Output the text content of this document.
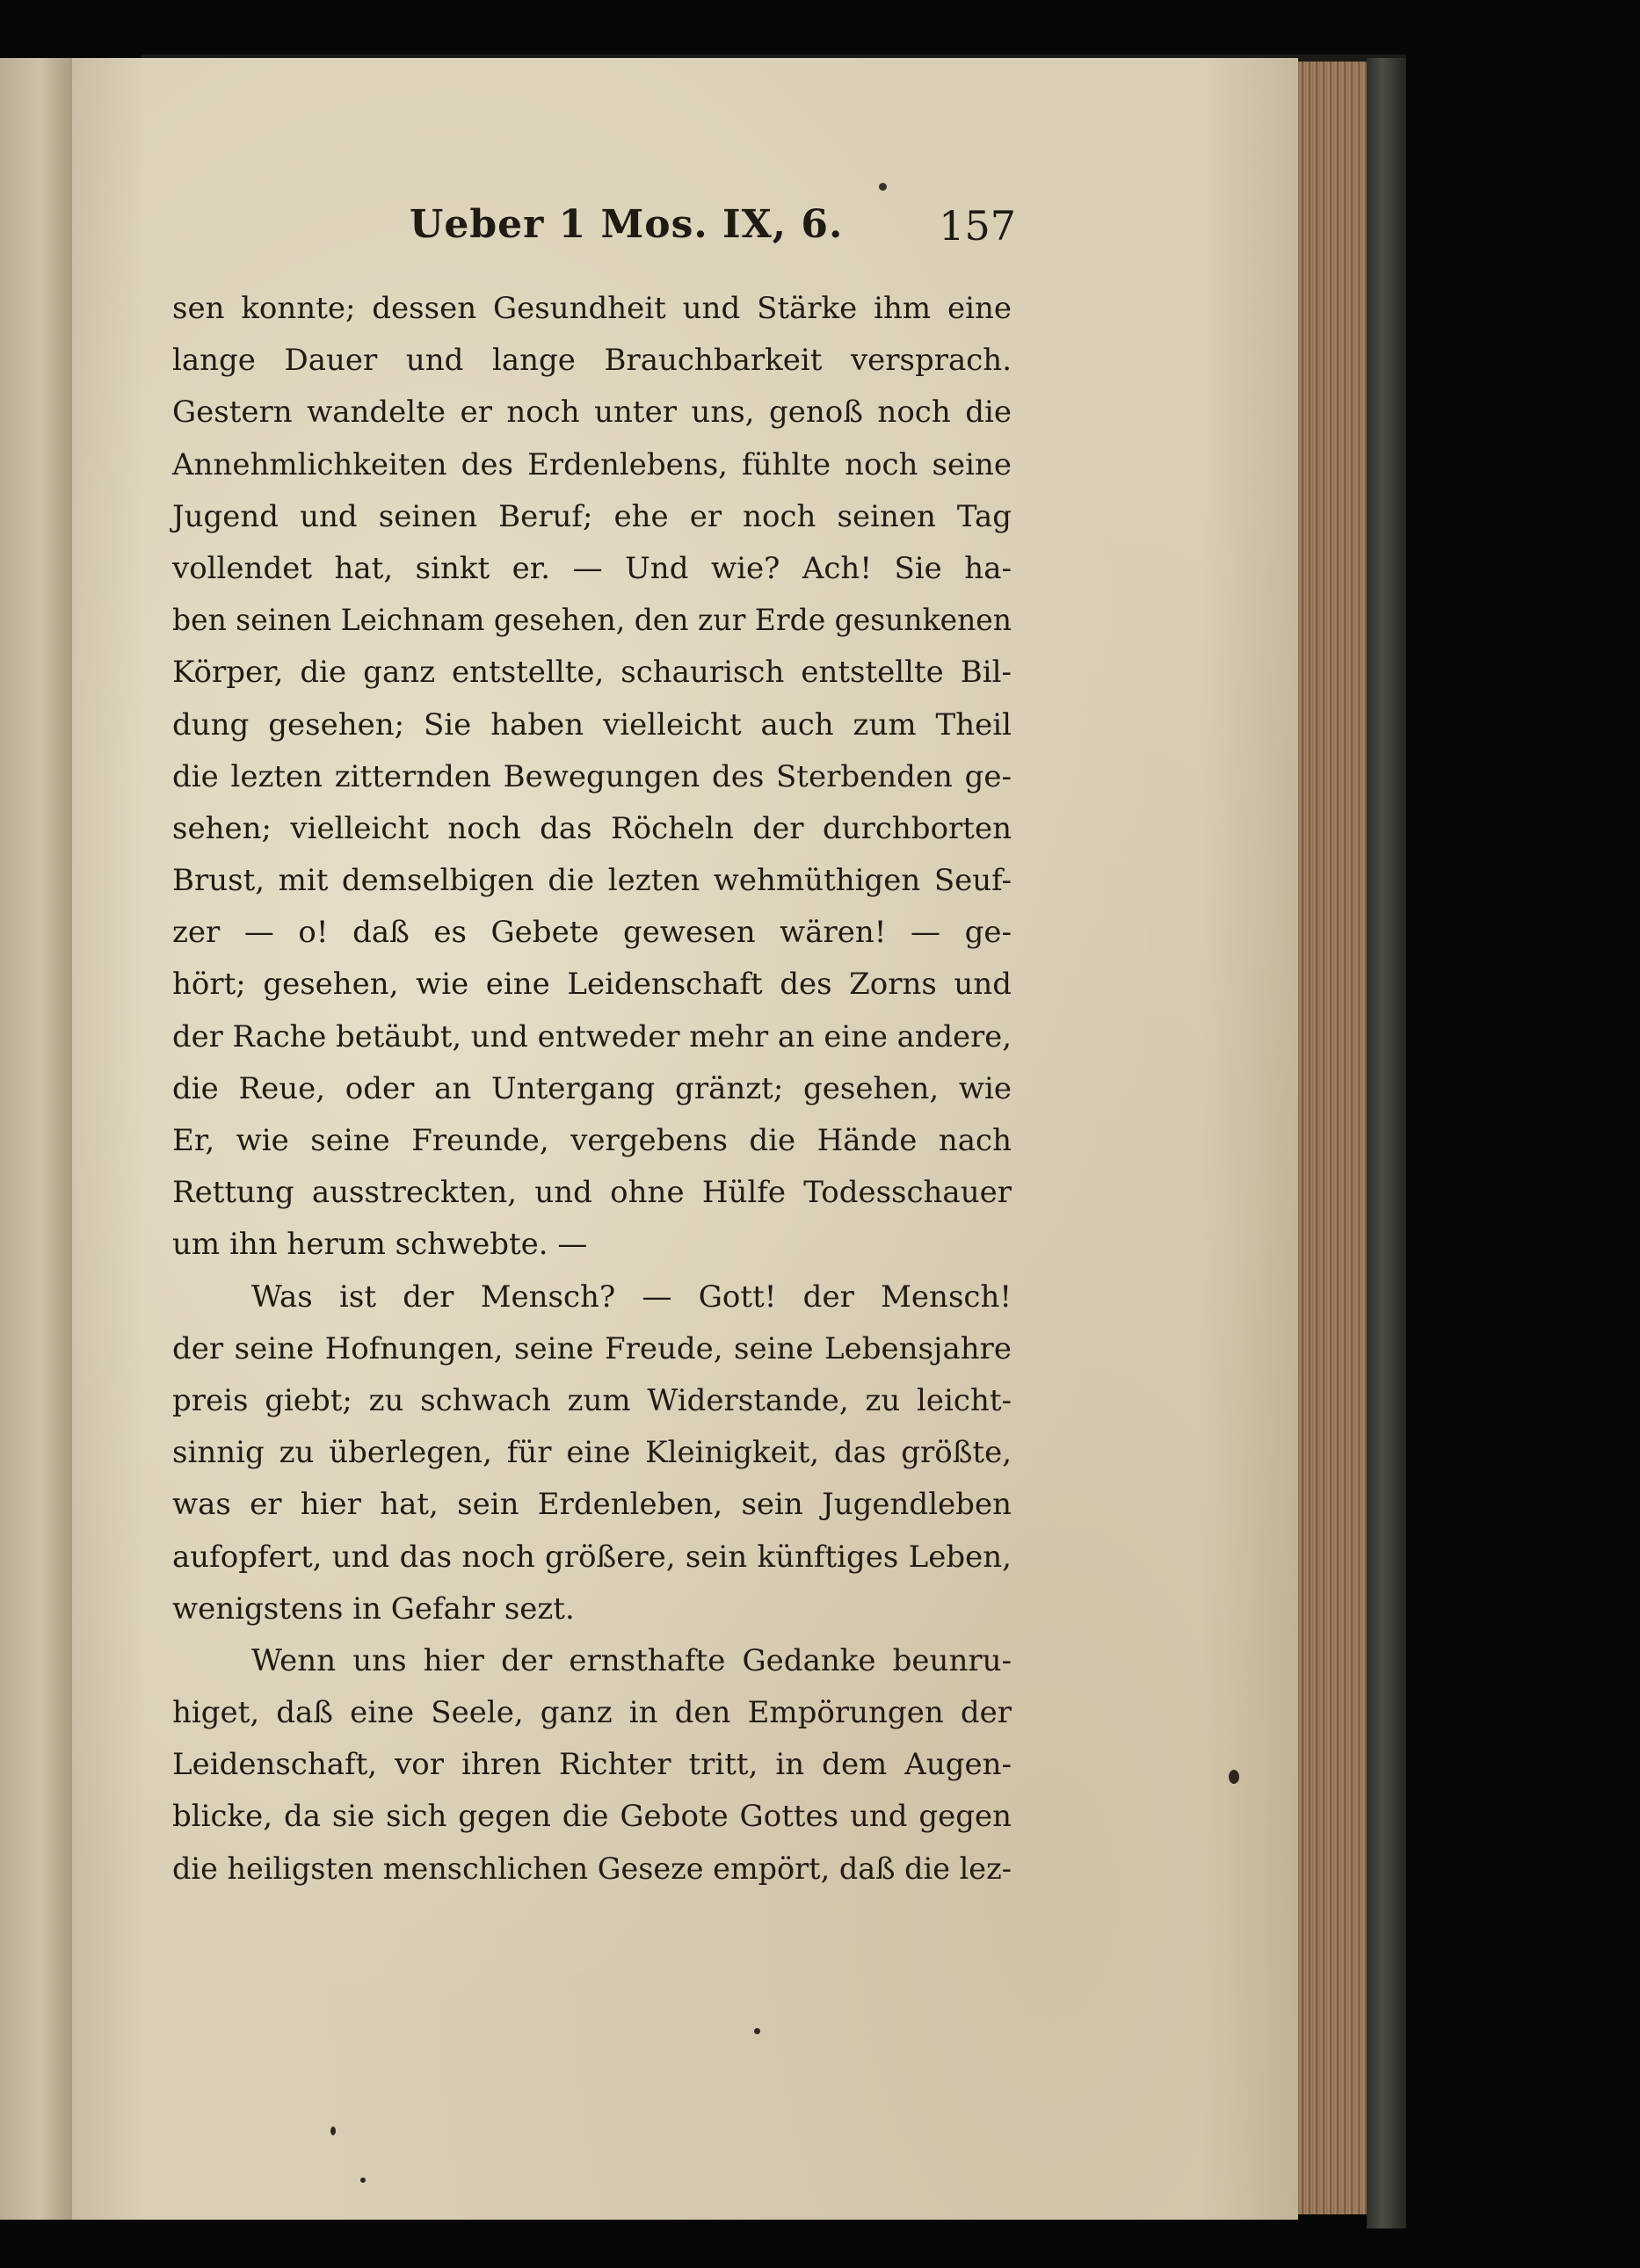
Ueber 1 Mos. IX, 6. 157
sen konnte; dessen Gesundheit und Stärke ihm eine
lange Dauer und lange Brauchbarkeit versprach.
Gestern wandelte er noch unter uns, genoß noch die
Annehmlichkeiten des Erdenlebens, fühlte noch seine
Jugend und seinen Beruf; ehe er noch seinen Tag
vollendet hat, sinkt er. — Und wie? Ach! Sie ha-
ben seinen Leichnam gesehen, den zur Erde gesunkenen
Körper, die ganz entstellte, schaurisch entstellte Bil-
dung gesehen; Sie haben vielleicht auch zum Theil
die lezten zitternden Bewegungen des Sterbenden ge-
sehen; vielleicht noch das Röcheln der durchborten
Brust, mit demselbigen die lezten wehmüthigen Seuf-
zer — o! daß es Gebete gewesen wären! — ge-
hört; gesehen, wie eine Leidenschaft des Zorns und
der Rache betäubt, und entweder mehr an eine andere,
die Reue, oder an Untergang gränzt; gesehen, wie
Er, wie seine Freunde, vergebens die Hände nach
Rettung ausstreckten, und ohne Hülfe Todesschauer
um ihn herum schwebte. —
Was ist der Mensch? — Gott! der Mensch!
der seine Hofnungen, seine Freude, seine Lebensjahre
preis giebt; zu schwach zum Widerstande, zu leicht-
sinnig zu überlegen, für eine Kleinigkeit, das größte,
was er hier hat, sein Erdenleben, sein Jugendleben
aufopfert, und das noch größere, sein künftiges Leben,
wenigstens in Gefahr sezt.
Wenn uns hier der ernsthafte Gedanke beunru-
higet, daß eine Seele, ganz in den Empörungen der
Leidenschaft, vor ihren Richter tritt, in dem Augen-
blicke, da sie sich gegen die Gebote Gottes und gegen
die heiligsten menschlichen Geseze empört, daß die lez-
